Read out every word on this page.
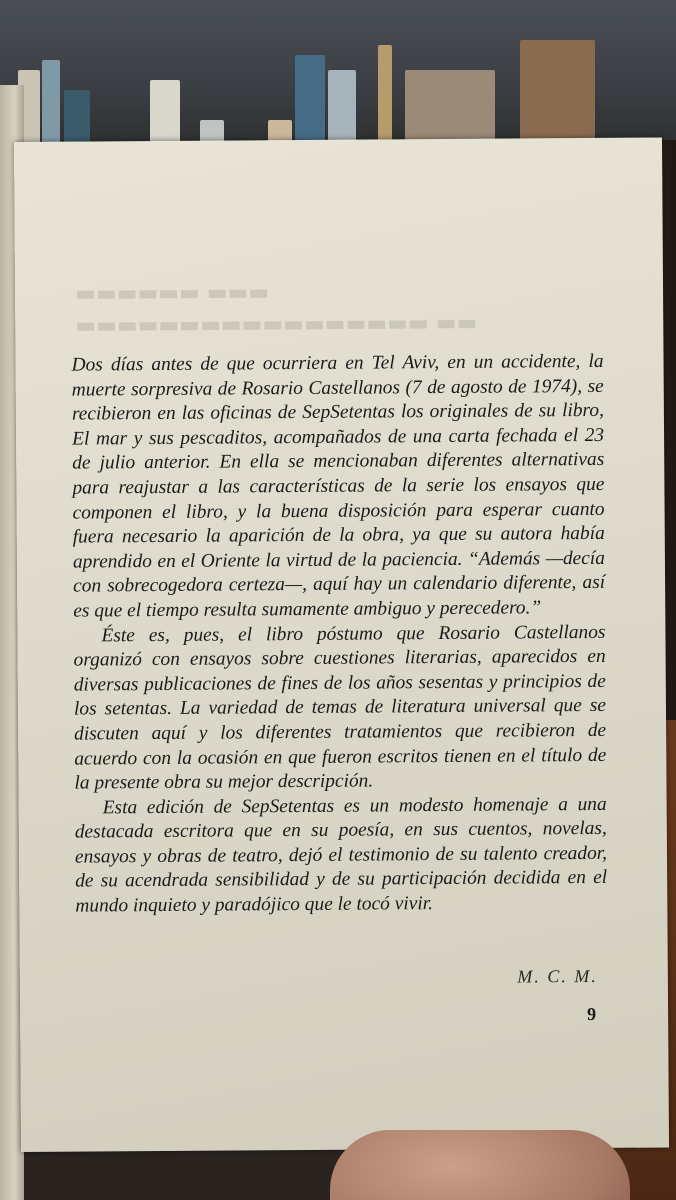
▬▬▬ ▬▬▬▬▬▬
▬▬ ▬▬▬▬▬▬▬▬▬▬▬▬▬▬▬▬▬

Dos días antes de que ocurriera en Tel Aviv, en un accidente, la muerte sorpresiva de Rosario Castellanos (7 de agosto de 1974), se recibieron en las oficinas de SepSetentas los originales de su libro, El mar y sus pescaditos, acompañados de una carta fechada el 23 de julio anterior. En ella se mencionaban diferentes alternativas para reajustar a las características de la serie los ensayos que componen el libro, y la buena disposición para esperar cuanto fuera necesario la aparición de la obra, ya que su autora había aprendido en el Oriente la virtud de la paciencia. “Además —decía con sobrecogedora certeza—, aquí hay un calendario diferente, así es que el tiempo resulta sumamente ambiguo y perecedero.”

Éste es, pues, el libro póstumo que Rosario Castellanos organizó con ensayos sobre cuestiones literarias, aparecidos en diversas publicaciones de fines de los años sesentas y principios de los setentas. La variedad de temas de literatura universal que se discuten aquí y los diferentes tratamientos que recibieron de acuerdo con la ocasión en que fueron escritos tienen en el título de la presente obra su mejor descripción.

Esta edición de SepSetentas es un modesto homenaje a una destacada escritora que en su poesía, en sus cuentos, novelas, ensayos y obras de teatro, dejó el testimonio de su talento creador, de su acendrada sensibilidad y de su participación decidida en el mundo inquieto y paradójico que le tocó vivir.

M. C. M.
9
